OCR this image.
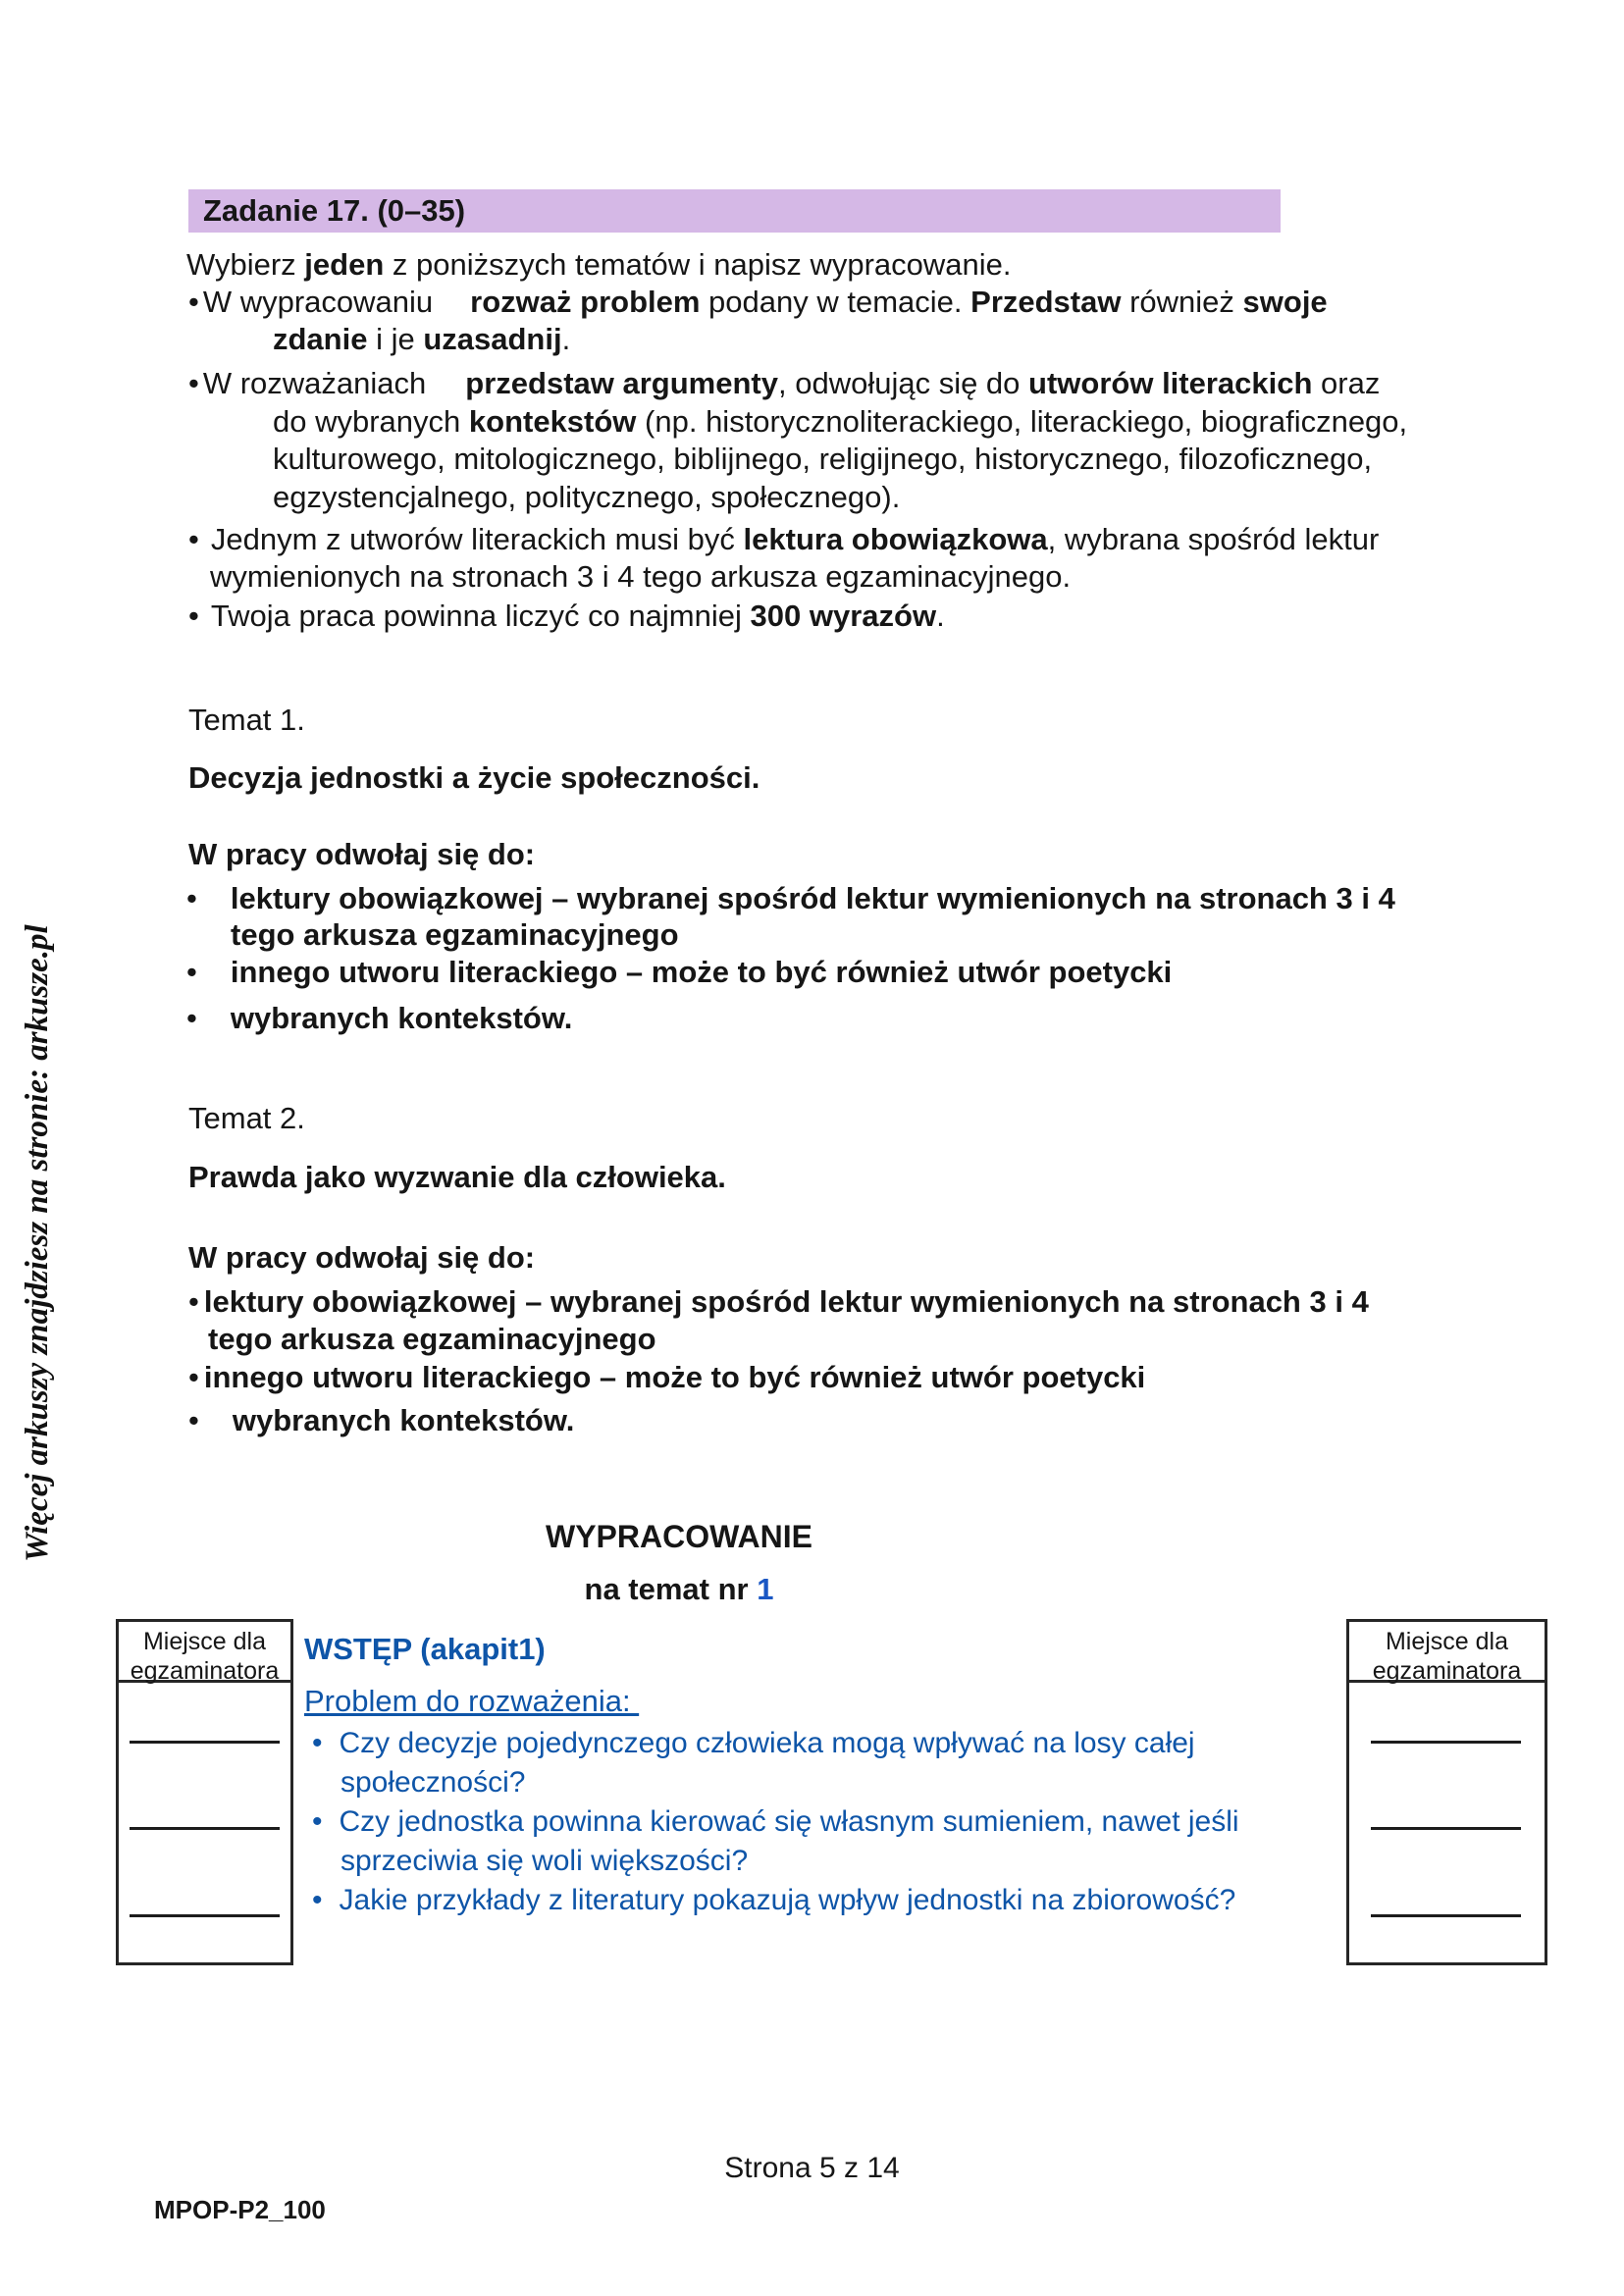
Więcej arkuszy znajdziesz na stronie: arkusze.pl
Zadanie 17. (0–35)
Wybierz jeden z poniższych tematów i napisz wypracowanie.
• W wypracowaniu rozważ problem podany w temacie. Przedstaw również swoje
zdanie i je uzasadnij.
• W rozważaniach przedstaw argumenty, odwołując się do utworów literackich oraz
do wybranych kontekstów (np. historycznoliterackiego, literackiego, biograficznego,
kulturowego, mitologicznego, biblijnego, religijnego, historycznego, filozoficznego,
egzystencjalnego, politycznego, społecznego).
• Jednym z utworów literackich musi być lektura obowiązkowa, wybrana spośród lektur
wymienionych na stronach 3 i 4 tego arkusza egzaminacyjnego.
• Twoja praca powinna liczyć co najmniej 300 wyrazów.
Temat 1.
Decyzja jednostki a życie społeczności.
W pracy odwołaj się do:
• lektury obowiązkowej – wybranej spośród lektur wymienionych na stronach 3 i 4
tego arkusza egzaminacyjnego
• innego utworu literackiego – może to być również utwór poetycki
• wybranych kontekstów.
Temat 2.
Prawda jako wyzwanie dla człowieka.
W pracy odwołaj się do:
• lektury obowiązkowej – wybranej spośród lektur wymienionych na stronach 3 i 4
tego arkusza egzaminacyjnego
• innego utworu literackiego – może to być również utwór poetycki
• wybranych kontekstów.
WYPRACOWANIE
na temat nr 1
Miejsce dla
egzaminatora
Miejsce dla
egzaminatora
WSTĘP (akapit1)
Problem do rozważenia:
• Czy decyzje pojedynczego człowieka mogą wpływać na losy całej
społeczności?
• Czy jednostka powinna kierować się własnym sumieniem, nawet jeśli
sprzeciwia się woli większości?
• Jakie przykłady z literatury pokazują wpływ jednostki na zbiorowość?
Strona 5 z 14
MPOP-P2_100
